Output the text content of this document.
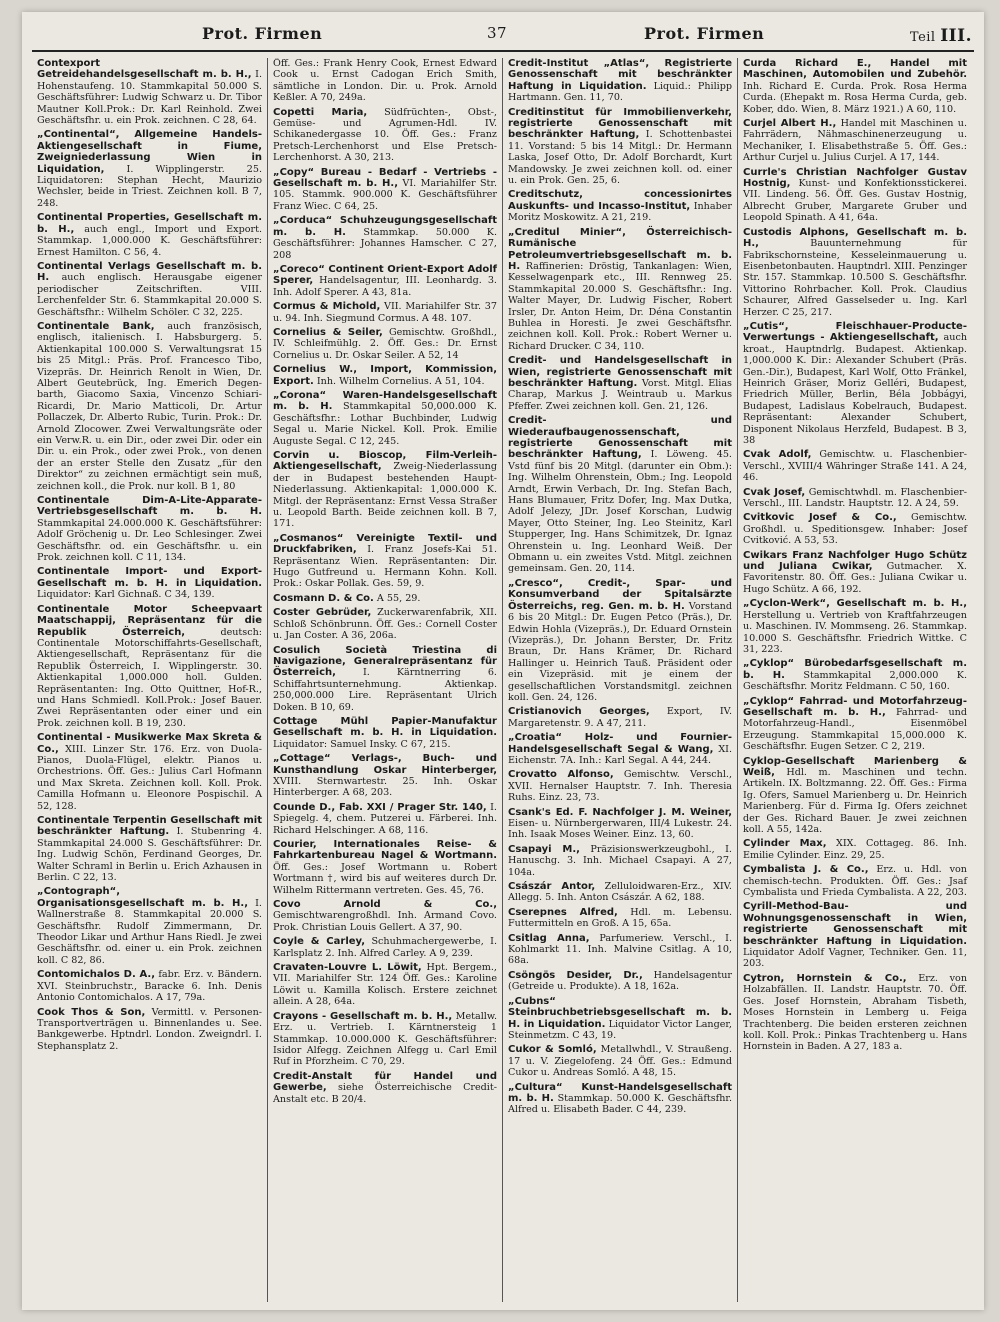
Prot. Firmen	37	Prot. Firmen	Teil III.

Contexport Getreidehandelsgesellschaft m. b. H., I. Hohenstaufeng. 10. Stammkapital 50.000 S. Geschäftsführer: Ludwig Schwarz u. Dr. Tibor Mautner Koll.Prok.: Dr. Karl Reinhold. Zwei Geschäftsfhr. u. ein Prok. zeichnen. C 28, 64.

„Continental“, Allgemeine Handels-Aktiengesellschaft in Fiume, Zweigniederlassung Wien in Liquidation, I. Wipplingerstr. 25. Liquidatoren: Stephan Hecht, Maurizio Wechsler, beide in Triest. Zeichnen koll. B 7, 248.

Continental Properties, Gesellschaft m. b. H., auch engl., Import und Export. Stammkap. 1,000.000 K. Geschäftsführer: Ernest Hamilton. C 56, 4.

Continental Verlags Gesellschaft m. b. H. auch englisch. Herausgabe eigener periodischer Zeitschriften. VIII. Lerchenfelder Str. 6. Stammkapital 20.000 S. Geschäftsfhr.: Wilhelm Schöler. C 32, 225.

Continentale Bank, auch französisch, englisch, italienisch. I. Habsburgerg. 5. Aktienkapital 100.000 S. Verwaltungsrat 15 bis 25 Mitgl.: Präs. Prof. Francesco Tibo, Vizepräs. Dr. Heinrich Renolt in Wien, Dr. Albert Geutebrück, Ing. Emerich Degen-barth, Giacomo Saxia, Vincenzo Schiari-Ricardi, Dr. Mario Matticoli, Dr. Artur Pollaczek, Dr. Alberto Rubic, Turin. Prok.: Dr. Arnold Zlocower. Zwei Verwaltungsräte oder ein Verw.R. u. ein Dir., oder zwei Dir. oder ein Dir. u. ein Prok., oder zwei Prok., von denen der an erster Stelle den Zusatz „für den Direktor“ zu zeichnen ermächtigt sein muß, zeichnen koll., die Prok. nur koll. B 1, 80

Continentale Dim-A-Lite-Apparate-Vertriebsgesellschaft m. b. H. Stammkapital 24.000.000 K. Geschäftsführer: Adolf Gröchenig u. Dr. Leo Schlesinger. Zwei Geschäftsfhr. od. ein Geschäftsfhr. u. ein Prok. zeichnen koll. C 11, 134.

Continentale Import- und Export-Gesellschaft m. b. H. in Liquidation. Liquidator: Karl Gichnaß. C 34, 139.

Continentale Motor Scheepvaart Maatschappij, Repräsentanz für die Republik Österreich,	deutsch: Continentale Motorschiffahrts-Gesellschaft, Aktiengesellschaft, Repräsentanz für die Republik Österreich, I. Wipplingerstr. 30. Aktienkapital 1,000.000 holl. Gulden. Repräsentanten: Ing. Otto Quittner, Hof-R., und Hans Schmiedl. Koll.Prok.: Josef Bauer. Zwei Repräsentanten oder einer und ein Prok. zeichnen koll. B 19, 230.

Continental - Musikwerke Max Skreta & Co., XIII. Linzer Str. 176. Erz. von Duola-Pianos, Duola-Flügel, elektr. Pianos u. Orchestrions. Öff. Ges.: Julius Carl Hofmann und Max Skreta. Zeichnen koll. Koll. Prok. Camilla Hofmann u. Eleonore Pospischil. A 52, 128.

Continentale Terpentin Gesellschaft mit beschränkter Haftung. I. Stubenring 4. Stammkapital 24.000 S. Geschäftsführer: Dr. Ing. Ludwig Schön, Ferdinand Georges, Dr. Walter Schraml in Berlin u. Erich Azhausen in Berlin. C 22, 13.

„Contograph“, Organisationsgesellschaft m. b. H., I. Wallnerstraße 8. Stammkapital 20.000 S. Geschäftsfhr. Rudolf Zimmermann, Dr. Theodor Likar und Arthur Hans Riedl. Je zwei Geschäftsfhr. od. einer u. ein Prok. zeichnen koll. C 82, 86.

Contomichalos D. A., fabr. Erz. v. Bändern. XVI. Steinbruchstr., Baracke 6. Inh. Denis Antonio Contomichalos. A 17, 79a.

Cook Thos & Son, Vermittl. v. Personen-Transportverträgen u. Binnenlandes u. See. Bankgewerbe. Hptndrl. London. Zweigndrl. I. Stephansplatz 2.

Öff. Ges.: Frank Henry Cook, Ernest Edward Cook u. Ernst Cadogan Erich Smith, sämtliche in London. Dir. u. Prok. Arnold Keßler. A 70, 249a.

Copetti Maria, Südfrüchten-, Obst-, Gemüse- und Agrumen-Hdl. IV. Schikanedergasse 10. Öff. Ges.: Franz Pretsch-Lerchenhorst und Else Pretsch-Lerchenhorst. A 30, 213.

„Copy“ Bureau - Bedarf - Vertriebs - Gesellschaft m. b. H., VI. Mariahilfer Str. 105. Stammk. 900.000 K. Geschäftsführer Franz Wiec. C 64, 25.

„Corduca“ Schuhzeugungsgesellschaft m. b. H. Stammkap. 50.000 K. Geschäftsführer: Johannes Hamscher. C 27, 208

„Coreco“ Continent Orient-Export Adolf Sperer, Handelsagentur, III. Leonhardg. 3. Inh. Adolf Sperer. A 43, 81a.

Cormus & Michold, VII. Mariahilfer Str. 37 u. 94. Inh. Siegmund Cormus. A 48. 107.

Cornelius & Seiler, Gemischtw. Großhdl., IV. Schleifmühlg. 2. Öff. Ges.: Dr. Ernst Cornelius u. Dr. Oskar Seiler. A 52, 14

Cornelius W., Import, Kommission, Export. Inh. Wilhelm Cornelius. A 51, 104.

„Corona“ Waren-Handelsgesellschaft m. b. H. Stammkapital 50,000.000 K. Geschäftsfhr.: Lothar Buchbinder, Ludwig Segal u. Marie Nickel. Koll. Prok. Emilie Auguste Segal. C 12, 245.

Corvin u. Bioscop, Film-Verleih-Aktiengesellschaft, Zweig-Niederlassung der in Budapest bestehenden Haupt-Niederlassung. Aktienkapital: 1,000.000 K. Mitgl. der Repräsentanz: Ernst Vessa Straßer u. Leopold Barth. Beide zeichnen koll. B 7, 171.

„Cosmanos“ Vereinigte Textil- und Druckfabriken, I. Franz Josefs-Kai 51. Repräsentanz Wien. Repräsentanten: Dir. Hugo Gutfreund u. Hermann Kohn. Koll. Prok.: Oskar Pollak. Ges. 59, 9.

Cosmann D. & Co. A 55, 29.

Coster Gebrüder, Zuckerwarenfabrik, XII. Schloß Schönbrunn. Öff. Ges.: Cornell Coster u. Jan Coster. A 36, 206a.

Cosulich Società Triestina di Navigazione, Generalrepräsentanz für Österreich,	I. Kärntnerring 6. Schiffahrtsunternehmung. Aktienkap. 250,000.000 Lire. Repräsentant Ulrich Doken. B 10, 69.

Cottage Mühl Papier-Manufaktur Gesellschaft m. b. H. in Liquidation. Liquidator: Samuel Insky. C 67, 215.

„Cottage“ Verlags-, Buch- und Kunsthandlung Oskar Hinterberger, XVIII. Sternwartestr. 25. Inh. Oskar Hinterberger. A 68, 203.

Counde D., Fab. XXI / Prager Str. 140, I. Spiegelg. 4, chem. Putzerei u. Färberei. Inh. Richard Helschinger. A 68, 116.

Courier, Internationales Reise- & Fahrkartenbureau Nagel & Wortmann. Öff. Ges.: Josef Wortmann u. Robert Wortmann †, wird bis auf weiteres durch Dr. Wilhelm Rittermann vertreten. Ges. 45, 76.

Covo Arnold & Co., Gemischtwarengroßhdl. Inh. Armand Covo. Prok. Christian Louis Gellert. A 37, 90.

Coyle & Carley, Schuhmachergewerbe, I. Karlsplatz 2. Inh. Alfred Carley. A 9, 239.

Cravaten-Louvre L. Löwit, Hpt. Bergem., VII. Mariahilfer Str. 124 Öff. Ges.: Karoline Löwit u. Kamilla Kolisch. Erstere zeichnet allein. A 28, 64a.

Crayons - Gesellschaft m. b. H., Metallw. Erz. u. Vertrieb. I. Kärntnersteig 1 Stammkap. 10.000.000 K. Geschäftsführer: Isidor Alfegg. Zeichnen Alfegg u. Carl Emil Ruf in Pforzheim. C 70, 29.

Credit-Anstalt für Handel und Gewerbe, siehe Österreichische Credit-Anstalt etc. B 20/4.

Credit-Institut „Atlas“, Registrierte Genossenschaft mit beschränkter Haftung in Liquidation. Liquid.: Philipp Hartmann. Gen. 11, 70.

Creditinstitut für Immobilienverkehr, registrierte Genossenschaft mit beschränkter Haftung, I. Schottenbastei 11. Vorstand: 5 bis 14 Mitgl.: Dr. Hermann Laska, Josef Otto, Dr. Adolf Borchardt, Kurt Mandowsky. Je zwei zeichnen koll. od. einer u. ein Prok. Gen. 25, 6.

Creditschutz, concessionirtes Auskunfts- und Incasso-Institut, Inhaber Moritz Moskowitz. A 21, 219.

„Creditul Minier“, Österreichisch-Rumänische Petroleumvertriebsgesellschaft m. b. H. Raffinerien: Dröstig, Tankanlagen: Wien, Kesselwagenpark etc., III. Rennweg 25. Stammkapital 20.000 S. Geschäftsfhr.: Ing. Walter Mayer, Dr. Ludwig Fischer, Robert Irsler, Dr. Anton Heim, Dr. Déna Constantin Buhlea in Horesti. Je zwei Geschäftsfhr. zeichnen koll. Koll. Prok.: Robert Werner u. Richard Drucker. C 34, 110.

Credit- und Handelsgesellschaft in Wien, registrierte Genossenschaft mit beschränkter Haftung. Vorst. Mitgl. Elias Charap, Markus J. Weintraub u. Markus Pfeffer. Zwei zeichnen koll. Gen. 21, 126.

Credit- und Wiederaufbaugenossenschaft, registrierte Genossenschaft mit beschränkter Haftung, I. Löweng. 45. Vstd fünf bis 20 Mitgl. (darunter ein Obm.): Ing. Wilhelm Ohrenstein, Obm.; Ing. Leopold Arndt, Erwin Verbach, Dr. Ing. Stefan Bach, Hans Blumauer, Fritz Dofer, Ing. Max Dutka, Adolf Jelezy, JDr. Josef Korschan, Ludwig Mayer, Otto Steiner, Ing. Leo Steinitz, Karl Stupperger, Ing. Hans Schimitzek, Dr. Ignaz Ohrenstein u. Ing. Leonhard Weiß. Der Obmann u. ein zweites Vstd. Mitgl. zeichnen gemeinsam. Gen. 20, 114.

„Cresco“, Credit-, Spar- und Konsumverband der Spitalsärzte Österreichs, reg. Gen. m. b. H. Vorstand 6 bis 20 Mitgl.: Dr. Eugen Petco (Präs.), Dr. Edwin Hohla (Vizepräs.), Dr. Eduard Ornstein (Vizepräs.), Dr. Johann Berster, Dr. Fritz Braun, Dr. Hans Krämer, Dr. Richard Hallinger u. Heinrich Tauß. Präsident oder ein Vizepräsid. mit je einem der gesellschaftlichen Vorstandsmitgl. zeichnen koll. Gen. 24, 126.

Cristianovich Georges, Export, IV. Margaretenstr. 9. A 47, 211.

„Croatia“ Holz- und Fournier-Handelsgesellschaft Segal & Wang, XI. Eichenstr. 7A. Inh.: Karl Segal. A 44, 244.

Crovatto Alfonso, Gemischtw. Verschl., XVII. Hernalser Hauptstr. 7. Inh. Theresia Ruhs. Einz. 23, 73.

Csank's Ed. F. Nachfolger J. M. Weiner, Eisen- u. Nürnbergerwaren, III/4 Lukestr. 24. Inh. Isaak Moses Weiner. Einz. 13, 60.

Csapayi M., Präzisionswerkzeugbohl., I. Hanuschg. 3. Inh. Michael Csapayi. A 27, 104a.

Császár Antor, Zelluloidwaren-Erz., XIV. Allegg. 5. Inh. Anton Császár. A 62, 188.

Cserepnes Alfred, Hdl. m. Lebensu. Futtermitteln en Groß. A 15, 65a.

Csitlag Anna, Parfumeriew. Verschl., I. Kohlmarkt 11. Inh. Malvine Csitlag. A 10, 68a.

Csöngös Desider, Dr., Handelsagentur (Getreide u. Produkte). A 18, 162a.

„Cubns“ Steinbruchbetriebsgesellschaft m. b. H. in Liquidation. Liquidator Victor Langer, Steinmetzm. C 43, 19.

Cukor & Somló, Metallwhdl., V. Straußeng. 17 u. V. Ziegelofeng. 24 Öff. Ges.: Edmund Cukor u. Andreas Somló. A 48, 15.

„Cultura“ Kunst-Handelsgesellschaft m. b. H. Stammkap. 50.000 K. Geschäftsfhr. Alfred u. Elisabeth Bader. C 44, 239.

Curda Richard E., Handel mit Maschinen, Automobilen und Zubehör. Inh. Richard E. Curda. Prok. Rosa Herma Curda. (Ehepakt m. Rosa Herma Curda, geb. Kober, ddo. Wien, 8. März 1921.) A 60, 110.

Curjel Albert H., Handel mit Maschinen u. Fahrrädern, Nähmaschinenerzeugung u. Mechaniker, I. Elisabethstraße 5. Öff. Ges.: Arthur Curjel u. Julius Curjel. A 17, 144.

Currle's Christian Nachfolger Gustav Hostnig, Kunst- und Konfektionsstickerei. VII. Lindeng. 56. Öff. Ges. Gustav Hostnig, Albrecht Gruber, Margarete Gruber und Leopold Spinath. A 41, 64a.

Custodis Alphons, Gesellschaft m. b. H.,	Bauunternehmung für Fabrikschornsteine, Kesseleinmauerung u. Eisenbetonbauten. Hauptndrl. XIII. Penzinger Str. 157. Stammkap. 10.500 S. Geschäftsfhr. Vittorino Rohrbacher. Koll. Prok. Claudius Schaurer, Alfred Gasselseder u. Ing. Karl Herzer. C 25, 217.

„Cutis“, Fleischhauer-Producte-Verwertungs - Aktiengesellschaft, auch kroat., Hauptndrlg. Budapest. Aktienkap. 1,000.000 K. Dir.: Alexander Schubert (Präs. Gen.-Dir.), Budapest, Karl Wolf, Otto Fränkel, Heinrich Gräser, Moriz Gelléri, Budapest, Friedrich Müller, Berlin, Béla Jobbágyi, Budapest, Ladislaus Kobelrauch, Budapest. Repräsentant: Alexander Schubert, Disponent Nikolaus Herzfeld, Budapest. B 3, 38

Cvak Adolf, Gemischtw. u. Flaschenbier-Verschl., XVIII/4 Währinger Straße 141. A 24, 46.

Cvak Josef, Gemischtwhdl. m. Flaschenbier-Verschl., III. Landstr. Hauptstr. 12. A 24, 59.

Cvitkovic Josef & Co., Gemischtw. Großhdl. u. Speditionsgew. Inhaber: Josef Cvitković. A 53, 53.

Cwikars Franz Nachfolger Hugo Schütz und Juliana Cwikar, Gutmacher. X. Favoritenstr. 80. Öff. Ges.: Juliana Cwikar u. Hugo Schütz. A 66, 192.

„Cyclon-Werk“, Gesellschaft m. b. H., Herstellung u. Vertrieb von Kraftfahrzeugen u. Maschinen. IV. Mommseng. 26. Stammkap. 10.000 S. Geschäftsfhr. Friedrich Wittke. C 31, 223.

„Cyklop“ Bürobedarfsgesellschaft m. b. H. Stammkapital 2,000.000 K. Geschäftsfhr. Moritz Feldmann. C 50, 160.

„Cyklop“ Fahrrad- und Motorfahrzeug-Gesellschaft m. b. H., Fahrrad- und Motorfahrzeug-Handl., Eisenmöbel Erzeugung. Stammkapital 15,000.000 K. Geschäftsfhr. Eugen Setzer. C 2, 219.

Cyklop-Gesellschaft Marienberg & Weiß, Hdl. m. Maschinen und techn. Artikeln. IX. Boltzmanng. 22. Öff. Ges.: Firma Ig. Ofers, Samuel Marienberg u. Dr. Heinrich Marienberg. Für d. Firma Ig. Ofers zeichnet der Ges. Richard Bauer. Je zwei zeichnen koll. A 55, 142a.

Cylinder Max, XIX. Cottageg. 86. Inh. Emilie Cylinder. Einz. 29, 25.

Cymbalista J. & Co., Erz. u. Hdl. von chemisch-techn. Produkten. Öff. Ges.: Jsaf Cymbalista und Frieda Cymbalista. A 22, 203.

Cyrill-Method-Bau- und Wohnungsgenossenschaft in Wien, registrierte Genossenschaft mit beschränkter Haftung in Liquidation. Liquidator Adolf Vagner, Techniker. Gen. 11, 203.

Cytron, Hornstein & Co., Erz. von Holzabfällen. II. Landstr. Hauptstr. 70. Öff. Ges. Josef Hornstein, Abraham Tisbeth, Moses Hornstein in Lemberg u. Feiga Trachtenberg. Die beiden ersteren zeichnen koll. Koll. Prok.: Pinkas Trachtenberg u. Hans Hornstein in Baden. A 27, 183 a.
